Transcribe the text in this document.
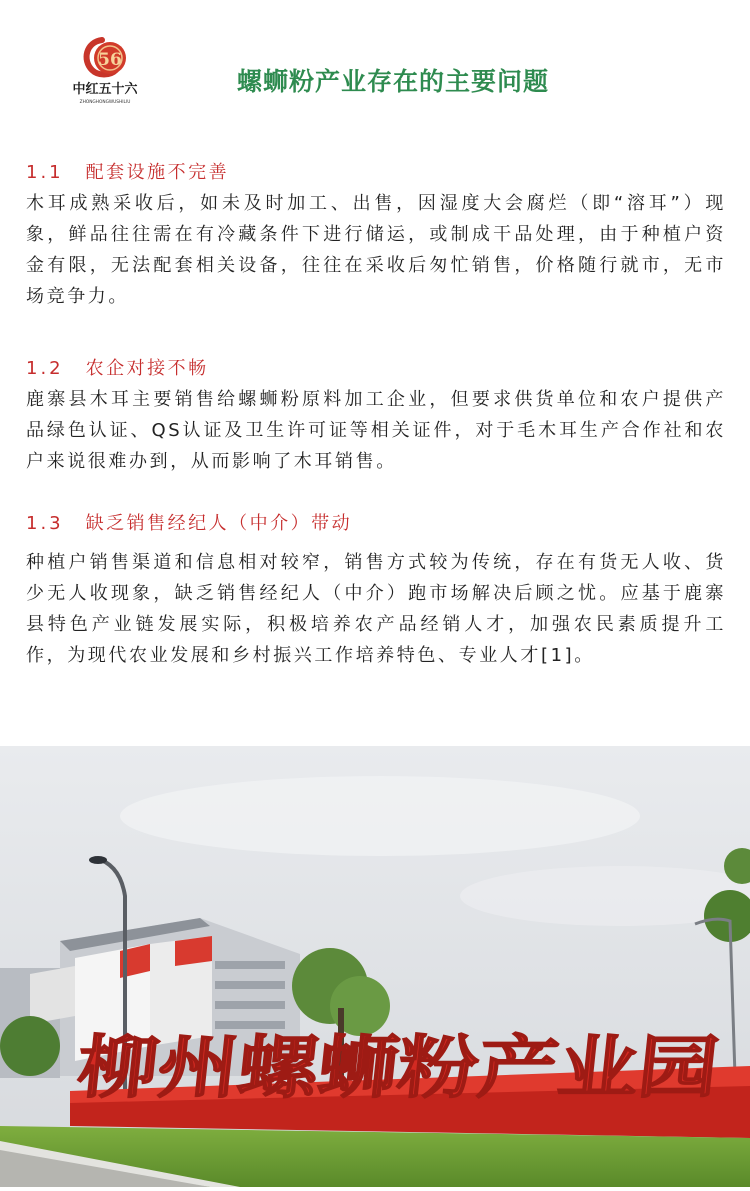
56
中红五十六
ZHONGHONGWUSHILIU
螺蛳粉产业存在的主要问题

1.1 配套设施不完善

木耳成熟采收后，如未及时加工、出售，因湿度大会腐烂（即“溶耳”）现象，鲜品往往需在有冷藏条件下进行储运，或制成干品处理，由于种植户资金有限，无法配套相关设备，往往在采收后匆忙销售，价格随行就市，无市场竞争力。

1.2 农企对接不畅

鹿寨县木耳主要销售给螺蛳粉原料加工企业，但要求供货单位和农户提供产品绿色认证、QS认证及卫生许可证等相关证件，对于毛木耳生产合作社和农户来说很难办到，从而影响了木耳销售。

1.3 缺乏销售经纪人（中介）带动

种植户销售渠道和信息相对较窄，销售方式较为传统，存在有货无人收、货少无人收现象，缺乏销售经纪人（中介）跑市场解决后顾之忧。应基于鹿寨县特色产业链发展实际，积极培养农产品经销人才，加强农民素质提升工作，为现代农业发展和乡村振兴工作培养特色、专业人才[1]。

柳州螺蛳粉产业园
